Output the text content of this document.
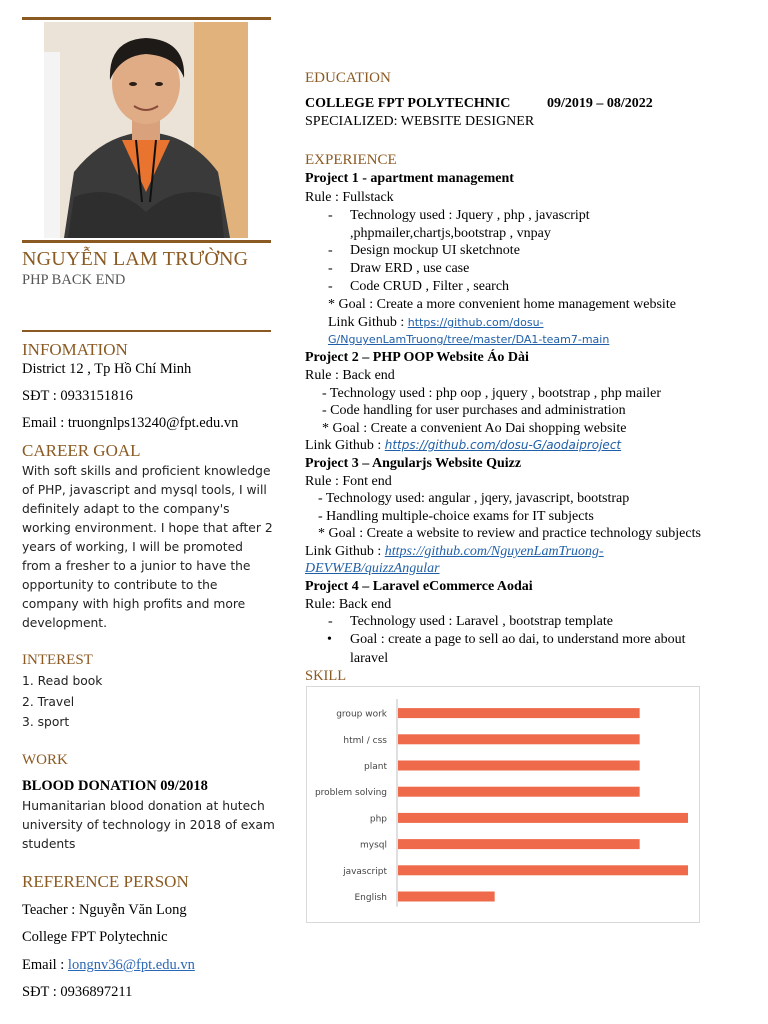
NGUYỄN LAM TRƯỜNG
PHP BACK END
INFOMATION
District 12 , Tp Hồ Chí Minh
SĐT : 0933151816
Email : truongnlps13240@fpt.edu.vn
CAREER GOAL
With soft skills and proficient knowledge
of PHP, javascript and mysql tools, I will
definitely adapt to the company's
working environment. I hope that after 2
years of working, I will be promoted
from a fresher to a junior to have the
opportunity to contribute to the
company with high profits and more
development.
INTEREST
1. Read book
2. Travel
3. sport
WORK
BLOOD DONATION 09/2018
Humanitarian blood donation at hutech
university of technology in 2018 of exam
students
REFERENCE PERSON
Teacher : Nguyễn Văn Long
College FPT Polytechnic
Email : longnv36@fpt.edu.vn
SĐT : 0936897211
EDUCATION
COLLEGE FPT POLYTECHNIC	09/2019 – 08/2022
SPECIALIZED: WEBSITE DESIGNER
EXPERIENCE
Project 1 - apartment management
Rule : Fullstack
- Technology used : Jquery , php , javascript
,phpmailer,chartjs,bootstrap , vnpay
- Design mockup UI sketchnote
- Draw ERD , use case
- Code CRUD , Filter , search
* Goal : Create a more convenient home management website
Link Github : https://github.com/dosu-
G/NguyenLamTruong/tree/master/DA1-team7-main
Project 2 – PHP OOP Website Áo Dài
Rule : Back end
- Technology used : php oop , jquery , bootstrap , php mailer
- Code handling for user purchases and administration
* Goal : Create a convenient Ao Dai shopping website
Link Github : https://github.com/dosu-G/aodaiproject
Project 3 – Angularjs Website Quizz
Rule : Font end
- Technology used: angular , jqery, javascript, bootstrap
- Handling multiple-choice exams for IT subjects
* Goal : Create a website to review and practice technology subjects
Link Github : https://github.com/NguyenLamTruong-
DEVWEB/quizzAngular
Project 4 – Laravel eCommerce Aodai
Rule: Back end
- Technology used : Laravel , bootstrap template
• Goal : create a page to sell ao dai, to understand more about
laravel
SKILL
group work
html / css
plant
problem solving
php
mysql
javascript
English
